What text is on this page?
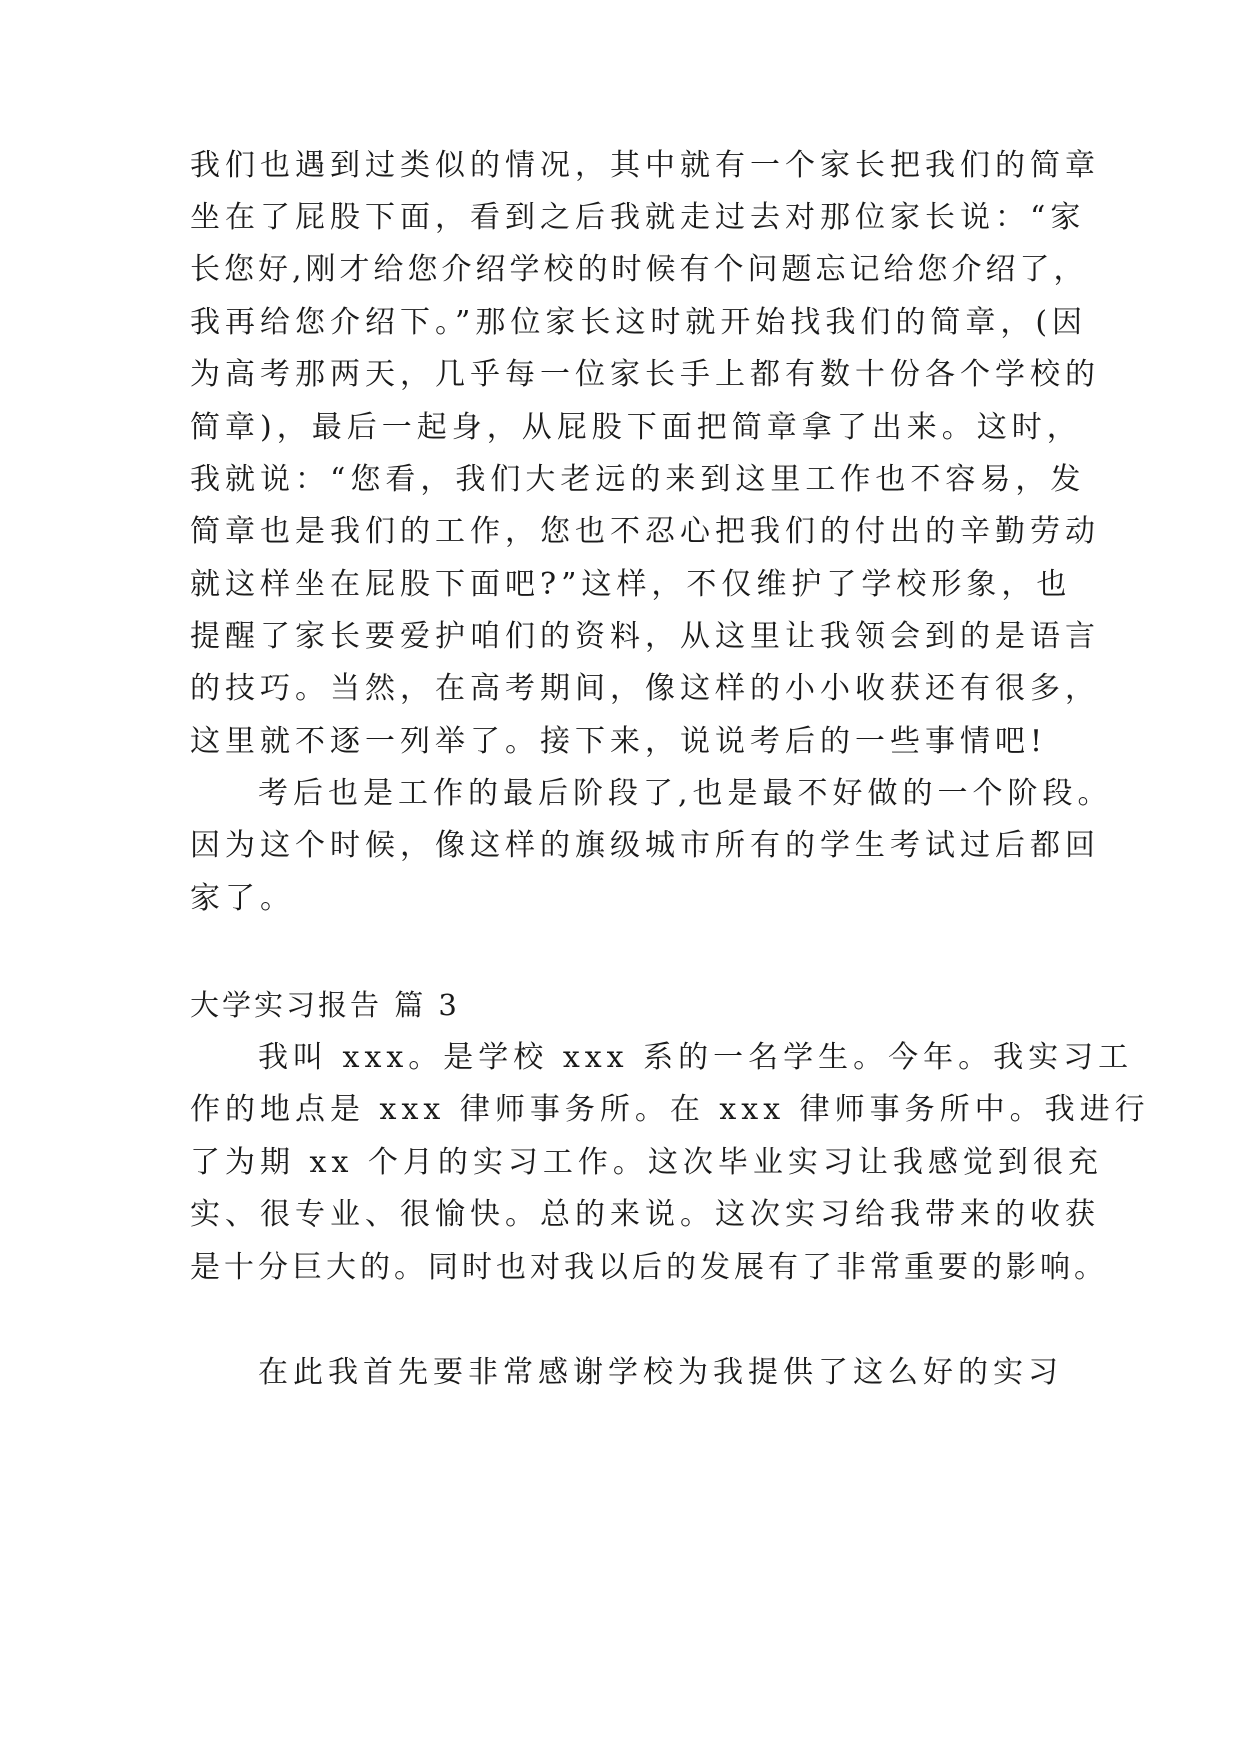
我们也遇到过类似的情况，其中就有一个家长把我们的简章
坐在了屁股下面，看到之后我就走过去对那位家长说：“家
长您好,刚才给您介绍学校的时候有个问题忘记给您介绍了，
我再给您介绍下。”那位家长这时就开始找我们的简章，(因
为高考那两天，几乎每一位家长手上都有数十份各个学校的
简章)，最后一起身，从屁股下面把简章拿了出来。这时，
我就说：“您看，我们大老远的来到这里工作也不容易，发
简章也是我们的工作，您也不忍心把我们的付出的辛勤劳动
就这样坐在屁股下面吧?”这样，不仅维护了学校形象，也
提醒了家长要爱护咱们的资料，从这里让我领会到的是语言
的技巧。当然，在高考期间，像这样的小小收获还有很多，
这里就不逐一列举了。接下来，说说考后的一些事情吧!
考后也是工作的最后阶段了,也是最不好做的一个阶段。
因为这个时候，像这样的旗级城市所有的学生考试过后都回
家了。
大学实习报告 篇 3
我叫 xxx。是学校 xxx 系的一名学生。今年。我实习工
作的地点是 xxx 律师事务所。在 xxx 律师事务所中。我进行
了为期 xx 个月的实习工作。这次毕业实习让我感觉到很充
实、很专业、很愉快。总的来说。这次实习给我带来的收获
是十分巨大的。同时也对我以后的发展有了非常重要的影响。
在此我首先要非常感谢学校为我提供了这么好的实习
